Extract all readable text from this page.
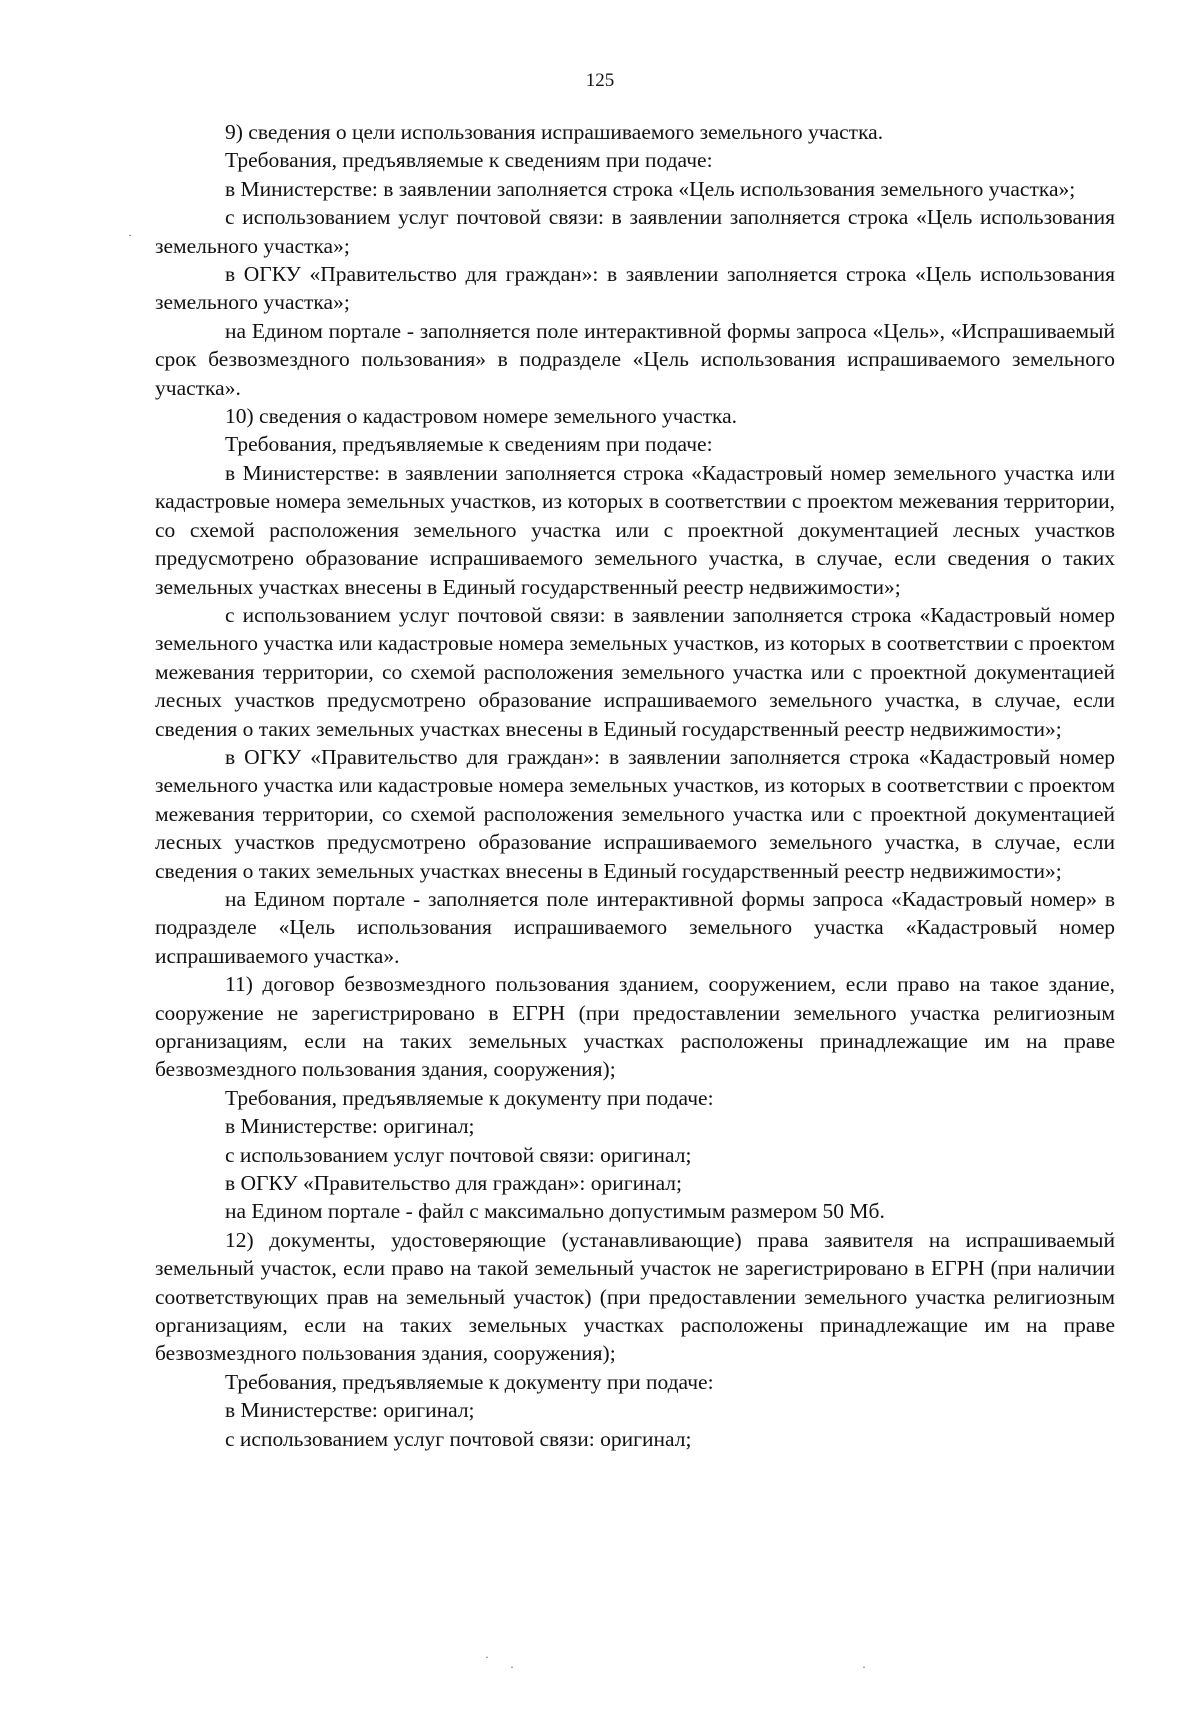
125

9) сведения о цели использования испрашиваемого земельного участка.

Требования, предъявляемые к сведениям при подаче:

в Министерстве: в заявлении заполняется строка «Цель использования земельного участка»;

с использованием услуг почтовой связи: в заявлении заполняется строка «Цель использования земельного участка»;

в ОГКУ «Правительство для граждан»: в заявлении заполняется строка «Цель использования земельного участка»;

на Едином портале - заполняется поле интерактивной формы запроса «Цель», «Испрашиваемый срок безвозмездного пользования» в подразделе «Цель использования испрашиваемого земельного участка».

10) сведения о кадастровом номере земельного участка.

Требования, предъявляемые к сведениям при подаче:

в Министерстве: в заявлении заполняется строка «Кадастровый номер земельного участка или кадастровые номера земельных участков, из которых в соответствии с проектом межевания территории, со схемой расположения земельного участка или с проектной документацией лесных участков предусмотрено образование испрашиваемого земельного участка, в случае, если сведения о таких земельных участках внесены в Единый государственный реестр недвижимости»;

с использованием услуг почтовой связи: в заявлении заполняется строка «Кадастровый номер земельного участка или кадастровые номера земельных участков, из которых в соответствии с проектом межевания территории, со схемой расположения земельного участка или с проектной документацией лесных участков предусмотрено образование испрашиваемого земельного участка, в случае, если сведения о таких земельных участках внесены в Единый государственный реестр недвижимости»;

в ОГКУ «Правительство для граждан»: в заявлении заполняется строка «Кадастровый номер земельного участка или кадастровые номера земельных участков, из которых в соответствии с проектом межевания территории, со схемой расположения земельного участка или с проектной документацией лесных участков предусмотрено образование испрашиваемого земельного участка, в случае, если сведения о таких земельных участках внесены в Единый государственный реестр недвижимости»;

на Едином портале - заполняется поле интерактивной формы запроса «Кадастровый номер» в подразделе «Цель использования испрашиваемого земельного участка «Кадастровый номер испрашиваемого участка».

11) договор безвозмездного пользования зданием, сооружением, если право на такое здание, сооружение не зарегистрировано в ЕГРН (при предоставлении земельного участка религиозным организациям, если на таких земельных участках расположены принадлежащие им на праве безвозмездного пользования здания, сооружения);

Требования, предъявляемые к документу при подаче:

в Министерстве: оригинал;

с использованием услуг почтовой связи: оригинал;

в ОГКУ «Правительство для граждан»: оригинал;

на Едином портале - файл с максимально допустимым размером 50 Мб.

12) документы, удостоверяющие (устанавливающие) права заявителя на испрашиваемый земельный участок, если право на такой земельный участок не зарегистрировано в ЕГРН (при наличии соответствующих прав на земельный участок) (при предоставлении земельного участка религиозным организациям, если на таких земельных участках расположены принадлежащие им на праве безвозмездного пользования здания, сооружения);

Требования, предъявляемые к документу при подаче:

в Министерстве: оригинал;

с использованием услуг почтовой связи: оригинал;

·
·
·	·
